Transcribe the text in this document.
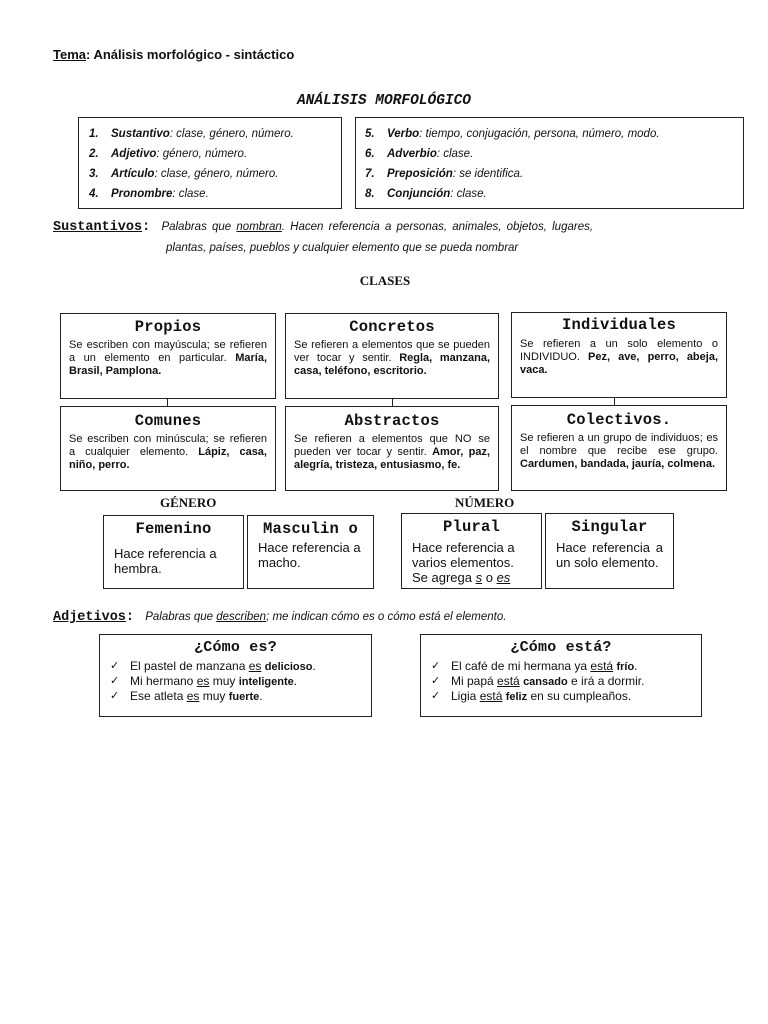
Tema: Análisis morfológico - sintáctico
ANÁLISIS MORFOLÓGICO
1. Sustantivo: clase, género, número.
2. Adjetivo: género, número.
3. Artículo: clase, género, número.
4. Pronombre: clase.
5. Verbo: tiempo, conjugación, persona, número, modo.
6. Adverbio: clase.
7. Preposición: se identifica.
8. Conjunción: clase.
Sustantivos: Palabras que nombran. Hacen referencia a personas, animales, objetos, lugares,
plantas, países, pueblos y cualquier elemento que se pueda nombrar
CLASES
Propios
Se escriben con mayúscula; se refieren a un elemento en particular. María, Brasil, Pamplona.
Concretos
Se refieren a elementos que se pueden ver tocar y sentir. Regla, manzana, casa, teléfono, escritorio.
Individuales
Se refieren a un solo elemento o INDIVIDUO. Pez, ave, perro, abeja, vaca.
Comunes
Se escriben con minúscula; se refieren a cualquier elemento. Lápiz, casa, niño, perro.
Abstractos
Se refieren a elementos que NO se pueden ver tocar y sentir. Amor, paz, alegría, tristeza, entusiasmo, fe.
Colectivos.
Se refieren a un grupo de individuos; es el nombre que recibe ese grupo. Cardumen, bandada, jauría, colmena.
GÉNERO	NÚMERO
Femenino
Hace referencia a hembra.
Masculin o
Hace referencia a macho.
Plural
Hace referencia a varios elementos.
Se agrega s o es
Singular
Hace referencia a un solo elemento.
Adjetivos: Palabras que describen; me indican cómo es o cómo está el elemento.
¿Cómo es?
✓ El pastel de manzana es delicioso.
✓ Mi hermano es muy inteligente.
✓ Ese atleta es muy fuerte.
¿Cómo está?
✓ El café de mi hermana ya está frío.
✓ Mi papá está cansado e irá a dormir.
✓ Ligia está feliz en su cumpleaños.
